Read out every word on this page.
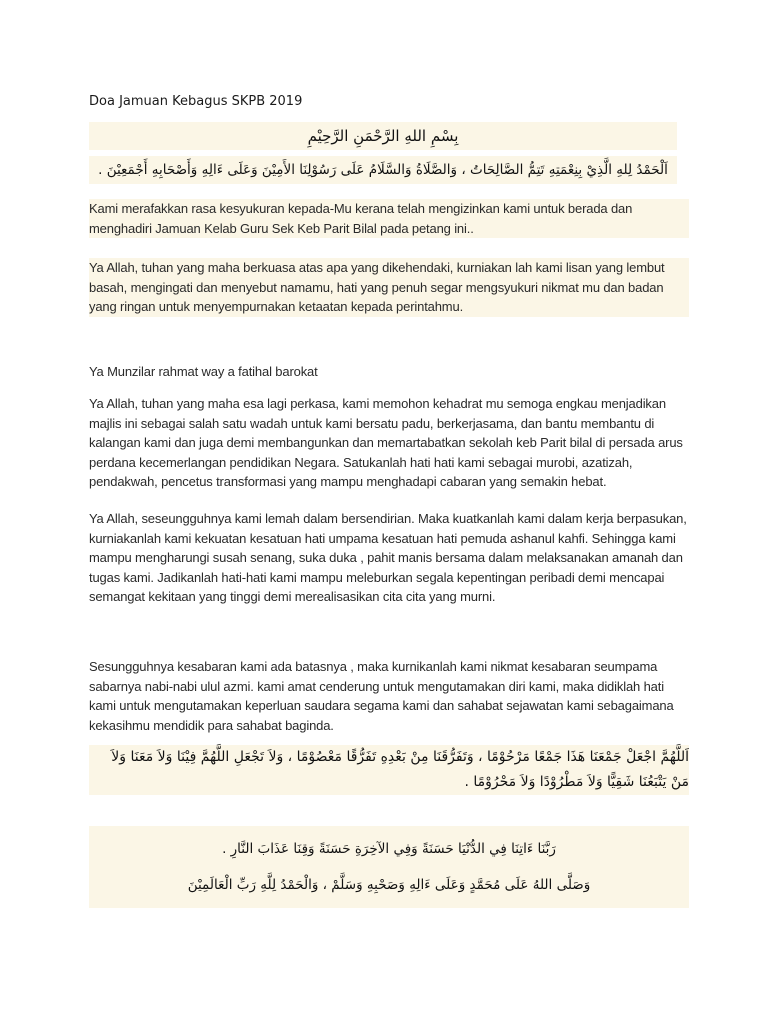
Doa Jamuan Kebagus SKPB 2019
بِسْمِ اللهِ الرَّحْمَنِ الرَّحِيْمِ
اَلْحَمْدُ لِلهِ الَّذِيْ بِنِعْمَتِهِ تَتِمُّ الصَّالِحَاتُ ، وَالصَّلَاةُ وَالسَّلَامُ عَلَى رَسُوْلِنَا الأَمِيْنَ وَعَلَى ءَالِهِ وَأَصْحَابِهِ أَجْمَعِيْنَ .

Kami merafakkan rasa kesyukuran kepada-Mu kerana telah mengizinkan kami untuk berada dan menghadiri Jamuan Kelab Guru Sek Keb Parit Bilal pada petang ini..

Ya Allah, tuhan yang maha berkuasa atas apa yang dikehendaki, kurniakan lah kami lisan yang lembut basah, mengingati dan menyebut namamu, hati yang penuh segar mengsyukuri nikmat mu dan badan yang ringan untuk menyempurnakan ketaatan kepada perintahmu.

Ya Munzilar rahmat way a fatihal barokat

Ya Allah, tuhan yang maha esa lagi perkasa, kami memohon kehadrat mu semoga engkau menjadikan majlis ini sebagai salah satu wadah untuk kami bersatu padu, berkerjasama, dan bantu membantu di kalangan kami dan juga demi membangunkan dan memartabatkan sekolah keb Parit bilal di persada arus perdana kecemerlangan pendidikan Negara. Satukanlah hati hati kami sebagai murobi, azatizah, pendakwah, pencetus transformasi yang mampu menghadapi cabaran yang semakin hebat.

Ya Allah, seseungguhnya kami lemah dalam bersendirian. Maka kuatkanlah kami dalam kerja berpasukan, kurniakanlah kami kekuatan kesatuan hati umpama kesatuan hati pemuda ashanul kahfi. Sehingga kami mampu mengharungi susah senang, suka duka , pahit manis bersama dalam melaksanakan amanah dan tugas kami. Jadikanlah hati-hati kami mampu meleburkan segala kepentingan peribadi demi mencapai semangat kekitaan yang tinggi demi merealisasikan cita cita yang murni.

Sesungguhnya kesabaran kami ada batasnya , maka kurnikanlah kami nikmat kesabaran seumpama sabarnya nabi-nabi ulul azmi. kami amat cenderung untuk mengutamakan diri kami, maka didiklah hati kami untuk mengutamakan keperluan saudara segama kami dan sahabat sejawatan kami sebagaimana kekasihmu mendidik para sahabat baginda.

اَللَّهُمَّ اجْعَلْ جَمْعَنَا هَذَا جَمْعًا مَرْحُوْمًا ، وَتَفَرُّقَنَا مِنْ بَعْدِهِ تَفَرُّقًا مَعْصُوْمًا ، وَلاَ تَجْعَلِ اللَّهُمَّ فِيْنَا وَلاَ مَعَنَا وَلاَ مَنْ يَتْبَعُنَا شَقِيًّا وَلاَ مَطْرُوْدًا وَلاَ مَحْرُوْمًا .
رَبَّنَا ءَاتِنَا فِي الدُّنْيَا حَسَنَةً وَفِي الآخِرَةِ حَسَنَةً وَقِنَا عَذَابَ النَّارِ .
وَصَلَّى اللهُ عَلَى مُحَمَّدٍ وَعَلَى ءَالِهِ وَصَحْبِهِ وَسَلَّمْ ، وَالْحَمْدُ لِلَّهِ رَبِّ الْعَالَمِيْنَ
